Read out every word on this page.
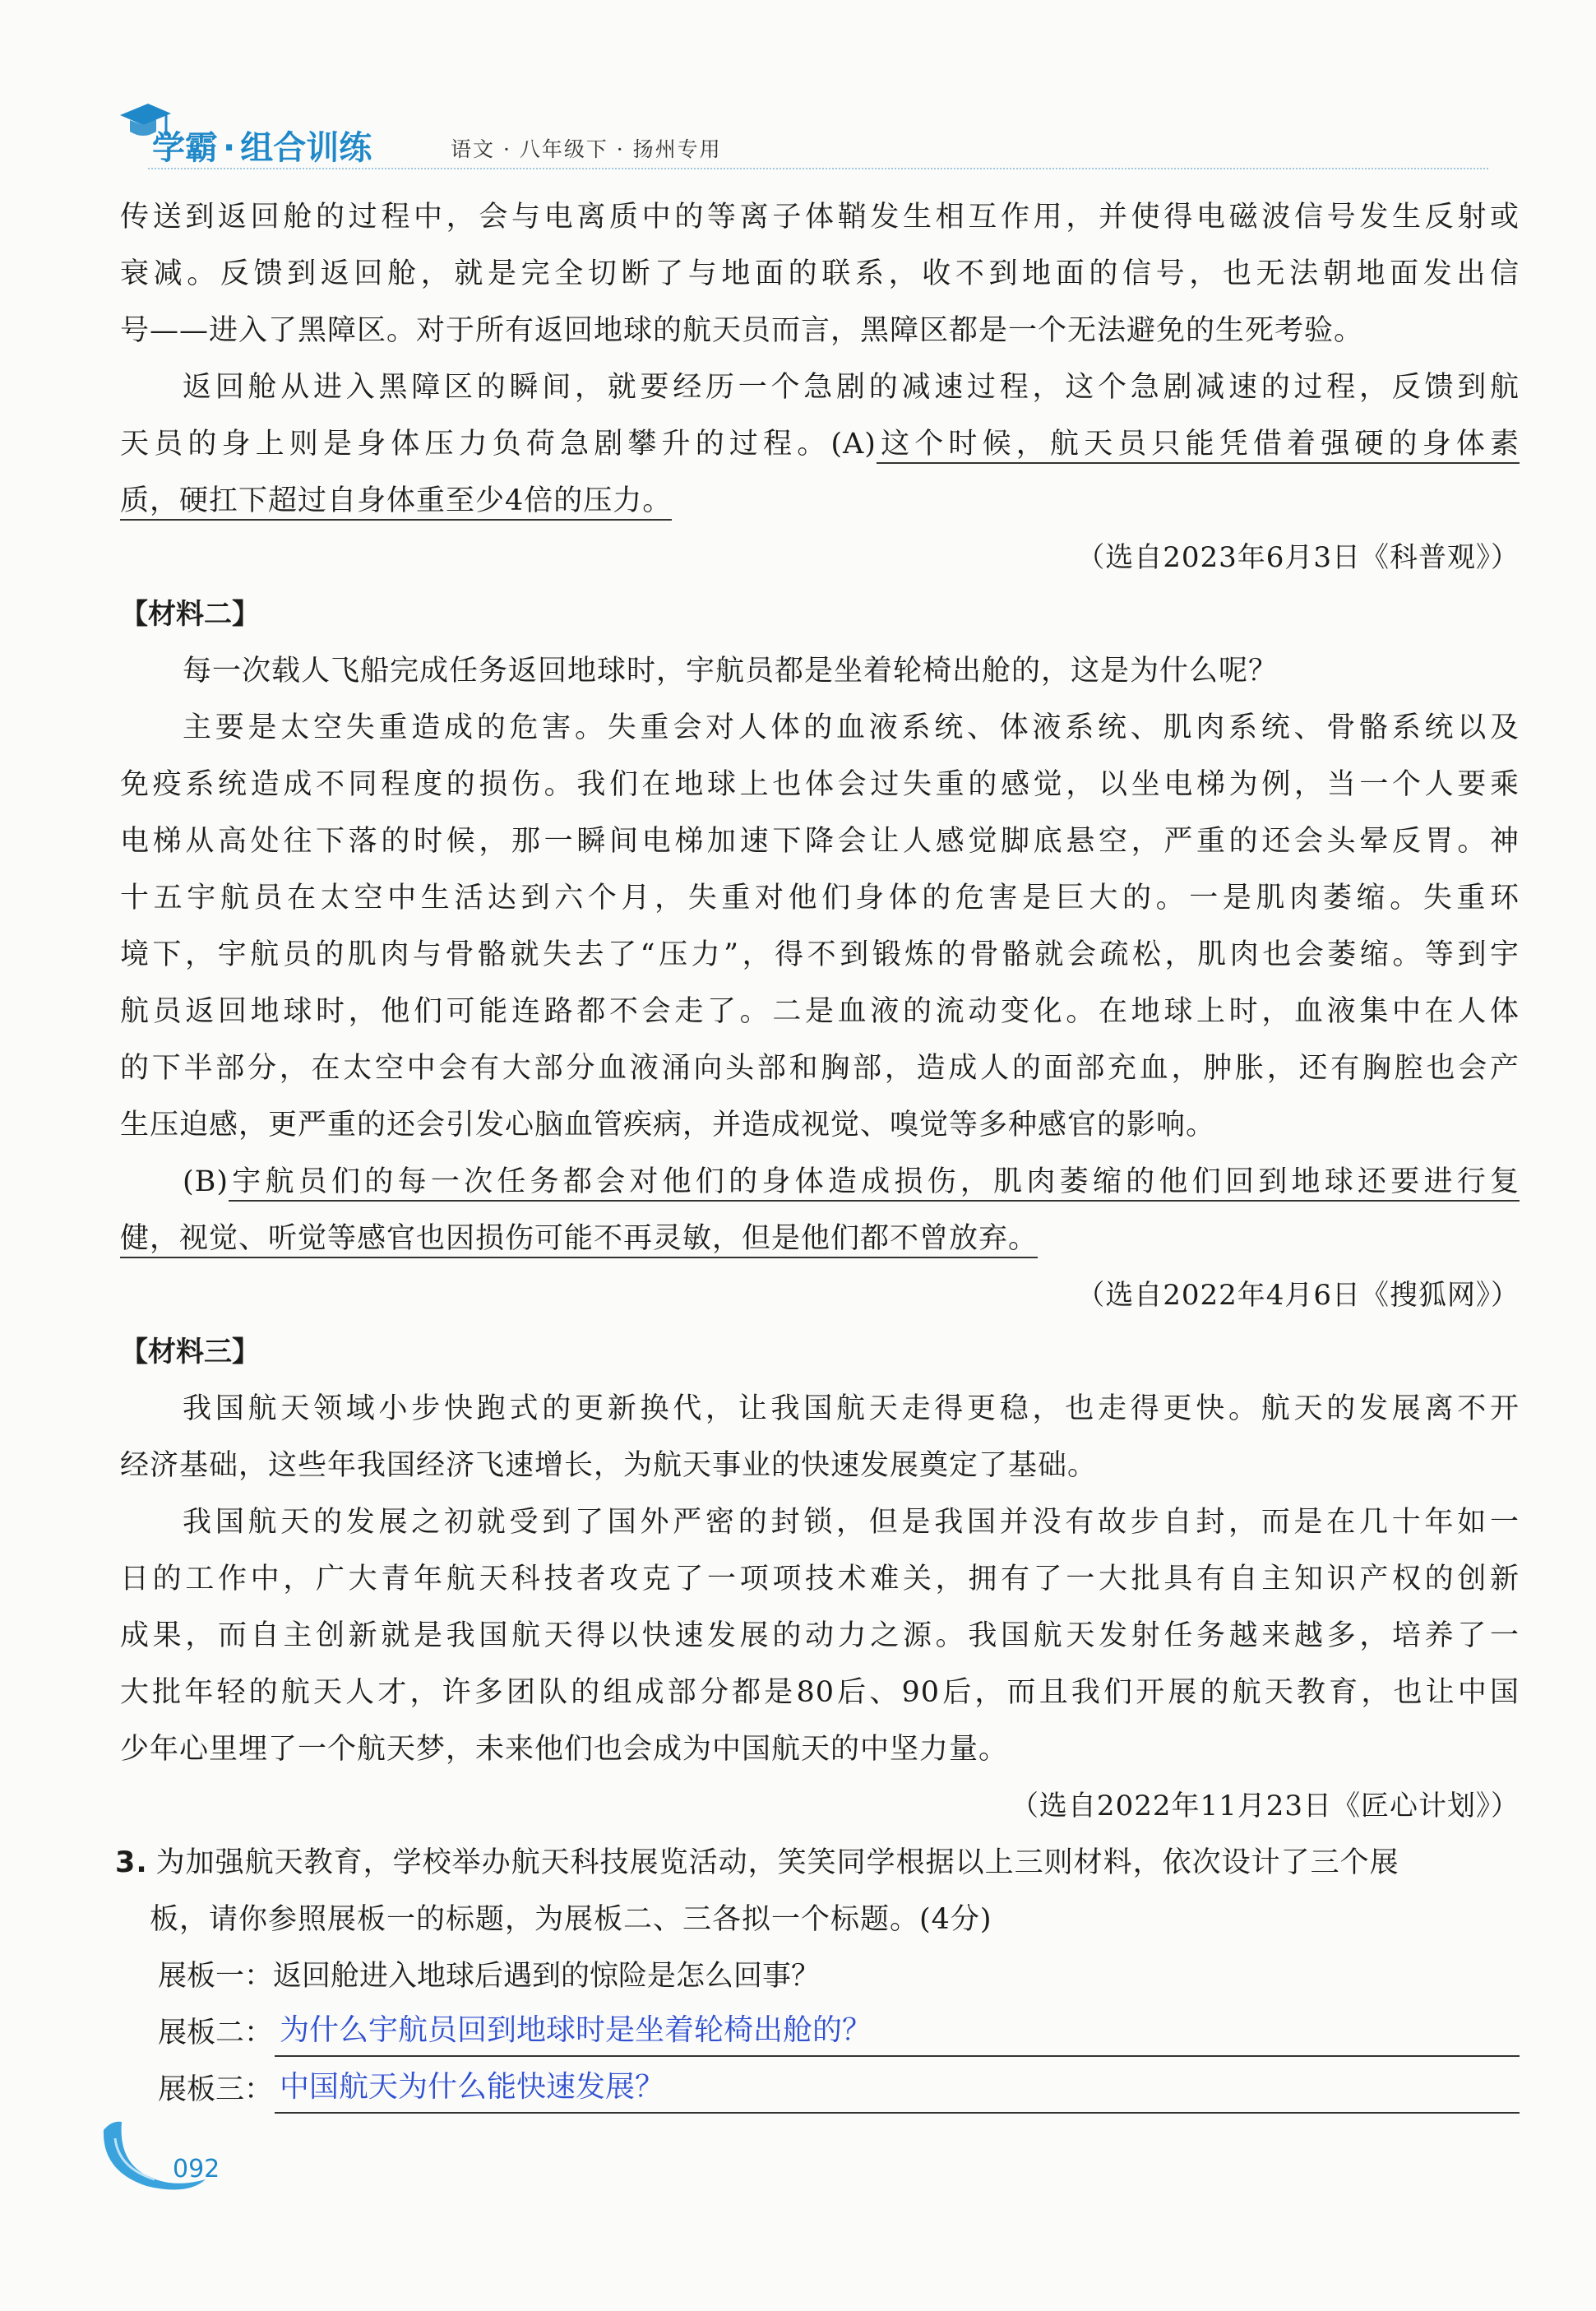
学霸 · 组合训练	语文 · 八年级下 · 扬州专用
传送到返回舱的过程中，会与电离质中的等离子体鞘发生相互作用，并使得电磁波信号发生反射或
衰减。反馈到返回舱，就是完全切断了与地面的联系，收不到地面的信号，也无法朝地面发出信
号——进入了黑障区。对于所有返回地球的航天员而言，黑障区都是一个无法避免的生死考验。
返回舱从进入黑障区的瞬间，就要经历一个急剧的减速过程，这个急剧减速的过程，反馈到航
天员的身上则是身体压力负荷急剧攀升的过程。(A)这个时候，航天员只能凭借着强硬的身体素
质，硬扛下超过自身体重至少4倍的压力。
（选自2023年6月3日《科普观》）
【材料二】
每一次载人飞船完成任务返回地球时，宇航员都是坐着轮椅出舱的，这是为什么呢？
主要是太空失重造成的危害。失重会对人体的血液系统、体液系统、肌肉系统、骨骼系统以及
免疫系统造成不同程度的损伤。我们在地球上也体会过失重的感觉，以坐电梯为例，当一个人要乘
电梯从高处往下落的时候，那一瞬间电梯加速下降会让人感觉脚底悬空，严重的还会头晕反胃。神
十五宇航员在太空中生活达到六个月，失重对他们身体的危害是巨大的。一是肌肉萎缩。失重环
境下，宇航员的肌肉与骨骼就失去了“压力”，得不到锻炼的骨骼就会疏松，肌肉也会萎缩。等到宇
航员返回地球时，他们可能连路都不会走了。二是血液的流动变化。在地球上时，血液集中在人体
的下半部分，在太空中会有大部分血液涌向头部和胸部，造成人的面部充血，肿胀，还有胸腔也会产
生压迫感，更严重的还会引发心脑血管疾病，并造成视觉、嗅觉等多种感官的影响。
(B)宇航员们的每一次任务都会对他们的身体造成损伤，肌肉萎缩的他们回到地球还要进行复
健，视觉、听觉等感官也因损伤可能不再灵敏，但是他们都不曾放弃。
（选自2022年4月6日《搜狐网》）
【材料三】
我国航天领域小步快跑式的更新换代，让我国航天走得更稳，也走得更快。航天的发展离不开
经济基础，这些年我国经济飞速增长，为航天事业的快速发展奠定了基础。
我国航天的发展之初就受到了国外严密的封锁，但是我国并没有故步自封，而是在几十年如一
日的工作中，广大青年航天科技者攻克了一项项技术难关，拥有了一大批具有自主知识产权的创新
成果，而自主创新就是我国航天得以快速发展的动力之源。我国航天发射任务越来越多，培养了一
大批年轻的航天人才，许多团队的组成部分都是80后、90后，而且我们开展的航天教育，也让中国
少年心里埋了一个航天梦，未来他们也会成为中国航天的中坚力量。
（选自2022年11月23日《匠心计划》）
3. 为加强航天教育，学校举办航天科技展览活动，笑笑同学根据以上三则材料，依次设计了三个展
板，请你参照展板一的标题，为展板二、三各拟一个标题。(4分)
展板一：返回舱进入地球后遇到的惊险是怎么回事？
展板二： 为什么宇航员回到地球时是坐着轮椅出舱的？
展板三： 中国航天为什么能快速发展？
092
